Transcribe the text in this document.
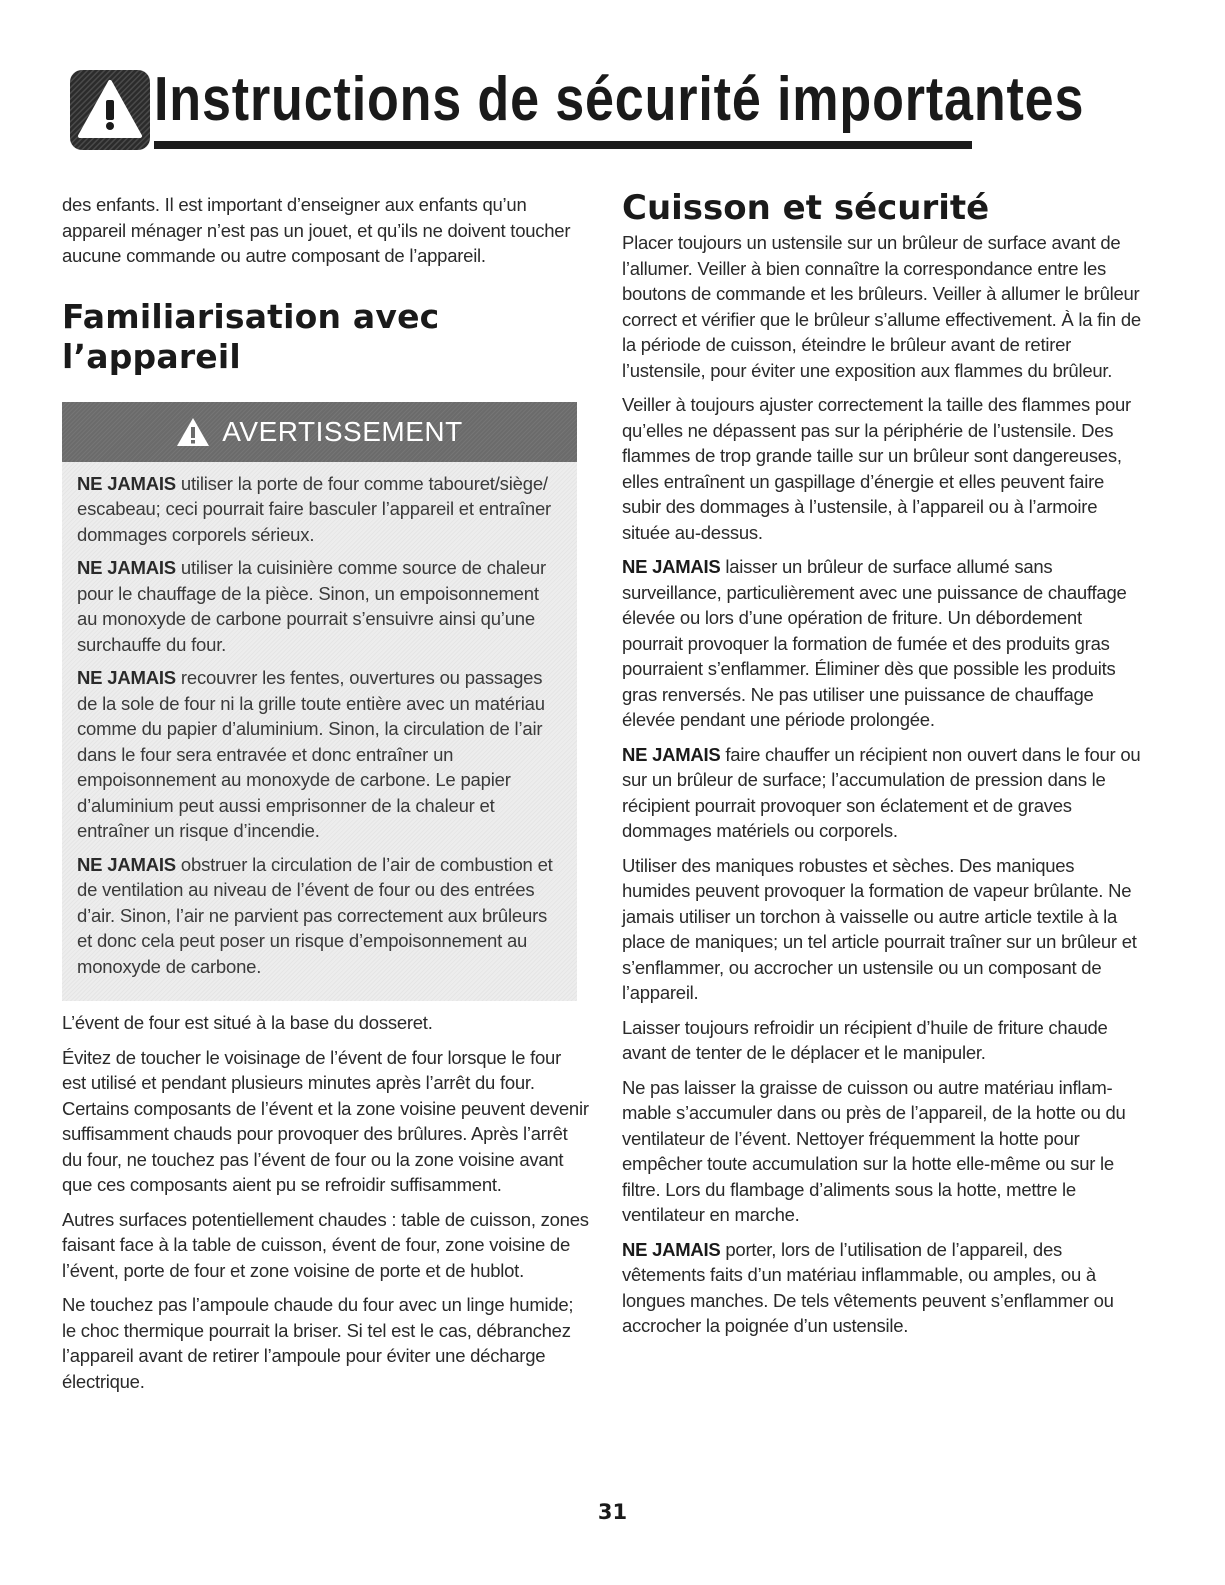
Instructions de sécurité importantes

des enfants. Il est important d’enseigner aux enfants qu’un appareil ménager n’est pas un jouet, et qu’ils ne doivent toucher aucune commande ou autre composant de l’appareil.

Familiarisation avec l’appareil
AVERTISSEMENT

NE JAMAIS utiliser la porte de four comme tabouret/siège/ escabeau; ceci pourrait faire basculer l’appareil et entraîner dommages corporels sérieux.

NE JAMAIS utiliser la cuisinière comme source de chaleur pour le chauffage de la pièce. Sinon, un empoisonnement au monoxyde de carbone pourrait s’ensuivre ainsi qu’une surchauffe du four.

NE JAMAIS recouvrer les fentes, ouvertures ou passages de la sole de four ni la grille toute entière avec un matériau comme du papier d’aluminium. Sinon, la circulation de l’air dans le four sera entravée et donc entraîner un empoisonnement au monoxyde de carbone. Le papier d’aluminium peut aussi emprisonner de la chaleur et entraîner un risque d’incendie.

NE JAMAIS obstruer la circulation de l’air de combustion et de ventilation au niveau de l’évent de four ou des entrées d’air. Sinon, l’air ne parvient pas correctement aux brûleurs et donc cela peut poser un risque d’empoisonnement au monoxyde de carbone.

L’évent de four est situé à la base du dosseret.

Évitez de toucher le voisinage de l’évent de four lorsque le four est utilisé et pendant plusieurs minutes après l’arrêt du four. Certains composants de l’évent et la zone voisine peuvent devenir suffisamment chauds pour provoquer des brûlures. Après l’arrêt du four, ne touchez pas l’évent de four ou la zone voisine avant que ces composants aient pu se refroidir suffisamment.

Autres surfaces potentiellement chaudes : table de cuisson, zones faisant face à la table de cuisson, évent de four, zone voisine de l’évent, porte de four et zone voisine de porte et de hublot.

Ne touchez pas l’ampoule chaude du four avec un linge humide; le choc thermique pourrait la briser. Si tel est le cas, débranchez l’appareil avant de retirer l’ampoule pour éviter une décharge électrique.

Cuisson et sécurité

Placer toujours un ustensile sur un brûleur de surface avant de l’allumer. Veiller à bien connaître la correspondance entre les boutons de commande et les brûleurs. Veiller à allumer le brûleur correct et vérifier que le brûleur s’allume effectivement. À la fin de la période de cuisson, éteindre le brûleur avant de retirer l’ustensile, pour éviter une exposition aux flammes du brûleur.

Veiller à toujours ajuster correctement la taille des flammes pour qu’elles ne dépassent pas sur la périphérie de l’ustensile. Des flammes de trop grande taille sur un brûleur sont dangereuses, elles entraînent un gaspillage d’énergie et elles peuvent faire subir des dommages à l’ustensile, à l’appareil ou à l’armoire située au-dessus.

NE JAMAIS laisser un brûleur de surface allumé sans surveillance, particulièrement avec une puissance de chauffage élevée ou lors d’une opération de friture. Un débordement pourrait provoquer la formation de fumée et des produits gras pourraient s’enflammer. Éliminer dès que possible les produits gras renversés. Ne pas utiliser une puissance de chauffage élevée pendant une période prolongée.

NE JAMAIS faire chauffer un récipient non ouvert dans le four ou sur un brûleur de surface; l’accumulation de pression dans le récipient pourrait provoquer son éclatement et de graves dommages matériels ou corporels.

Utiliser des maniques robustes et sèches. Des maniques humides peuvent provoquer la formation de vapeur brûlante. Ne jamais utiliser un torchon à vaisselle ou autre article textile à la place de maniques; un tel article pourrait traîner sur un brûleur et s’enflammer, ou accrocher un ustensile ou un composant de l’appareil.

Laisser toujours refroidir un récipient d’huile de friture chaude avant de tenter de le déplacer et le manipuler.

Ne pas laisser la graisse de cuisson ou autre matériau inflam-mable s’accumuler dans ou près de l’appareil, de la hotte ou du ventilateur de l’évent. Nettoyer fréquemment la hotte pour empêcher toute accumulation sur la hotte elle-même ou sur le filtre. Lors du flambage d’aliments sous la hotte, mettre le ventilateur en marche.

NE JAMAIS porter, lors de l’utilisation de l’appareil, des vêtements faits d’un matériau inflammable, ou amples, ou à longues manches. De tels vêtements peuvent s’enflammer ou accrocher la poignée d’un ustensile.

31
